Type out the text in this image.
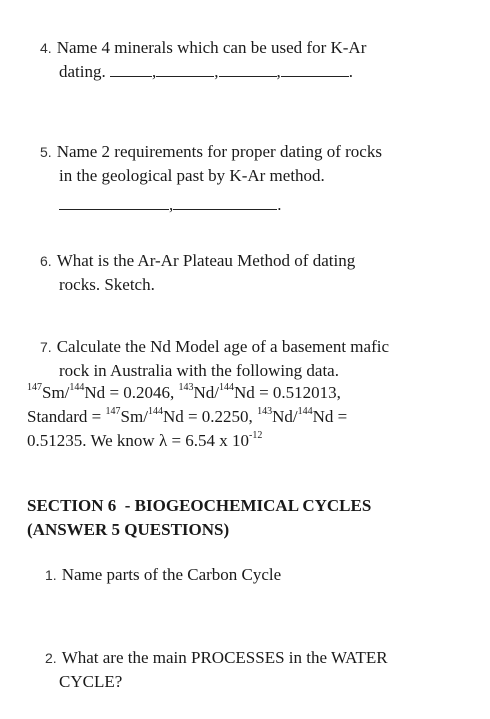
4. Name 4 minerals which can be used for K-Ar
dating.	,	,	,	.
5. Name 2 requirements for proper dating of rocks
in the geological past by K-Ar method.
,	.
6. What is the Ar-Ar Plateau Method of dating
rocks. Sketch.
7. Calculate the Nd Model age of a basement mafic
rock in Australia with the following data.
$^{147}$Sm/$^{144}$Nd = 0.2046, $^{143}$Nd/$^{144}$Nd = 0.512013,
Standard = $^{147}$Sm/$^{144}$Nd = 0.2250, $^{143}$Nd/$^{144}$Nd =
0.51235. We know λ = 6.54 x $10^{-12}$
SECTION 6  - BIOGEOCHEMICAL CYCLES
(ANSWER 5 QUESTIONS)
1. Name parts of the Carbon Cycle
2. What are the main PROCESSES in the WATER
CYCLE?
